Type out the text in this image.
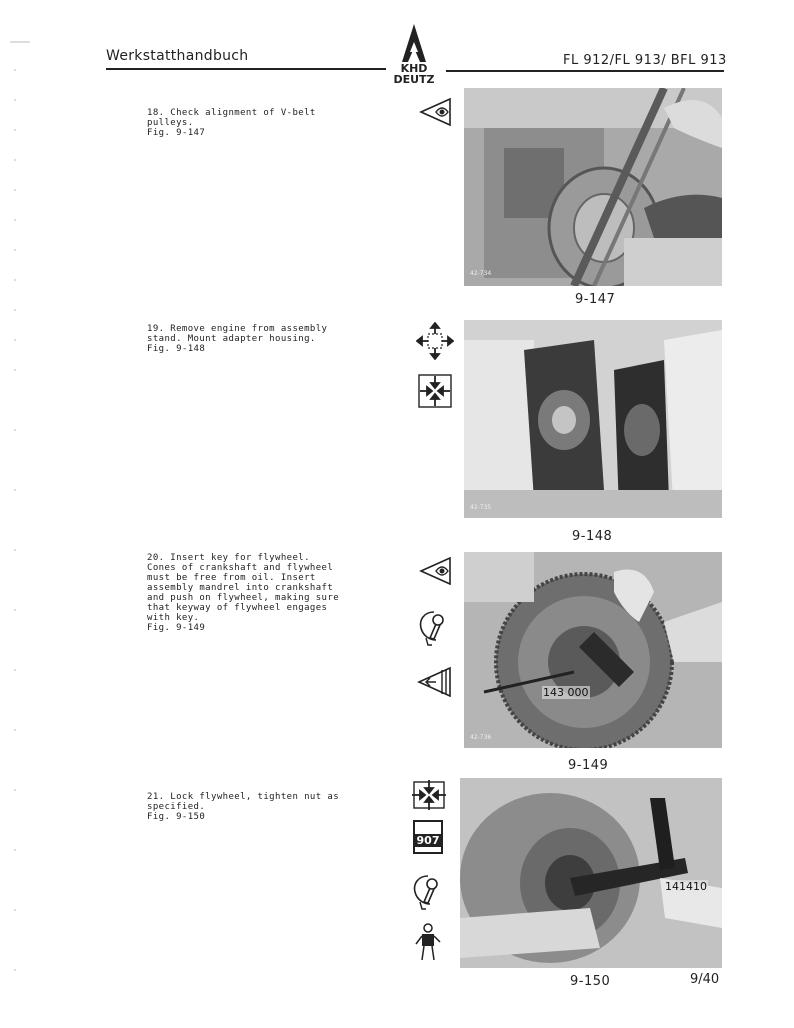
Werkstatthandbuch
KHD
DEUTZ
FL 912/FL 913/ BFL 913

18. Check alignment of V-belt

pulleys.

Fig. 9-147

19. Remove engine from assembly

stand. Mount adapter housing.

Fig. 9-148

20. Insert key for flywheel.

Cones of crankshaft and flywheel

must be free from oil. Insert

assembly mandrel into crankshaft

and push on flywheel, making sure

that keyway of flywheel engages

with key.

Fig. 9-149

21. Lock flywheel, tighten nut as

specified.

Fig. 9-150

907
42-734
9-147
42-735
9-148
143 000
42-736
9-149
141410
9-150	9/40
